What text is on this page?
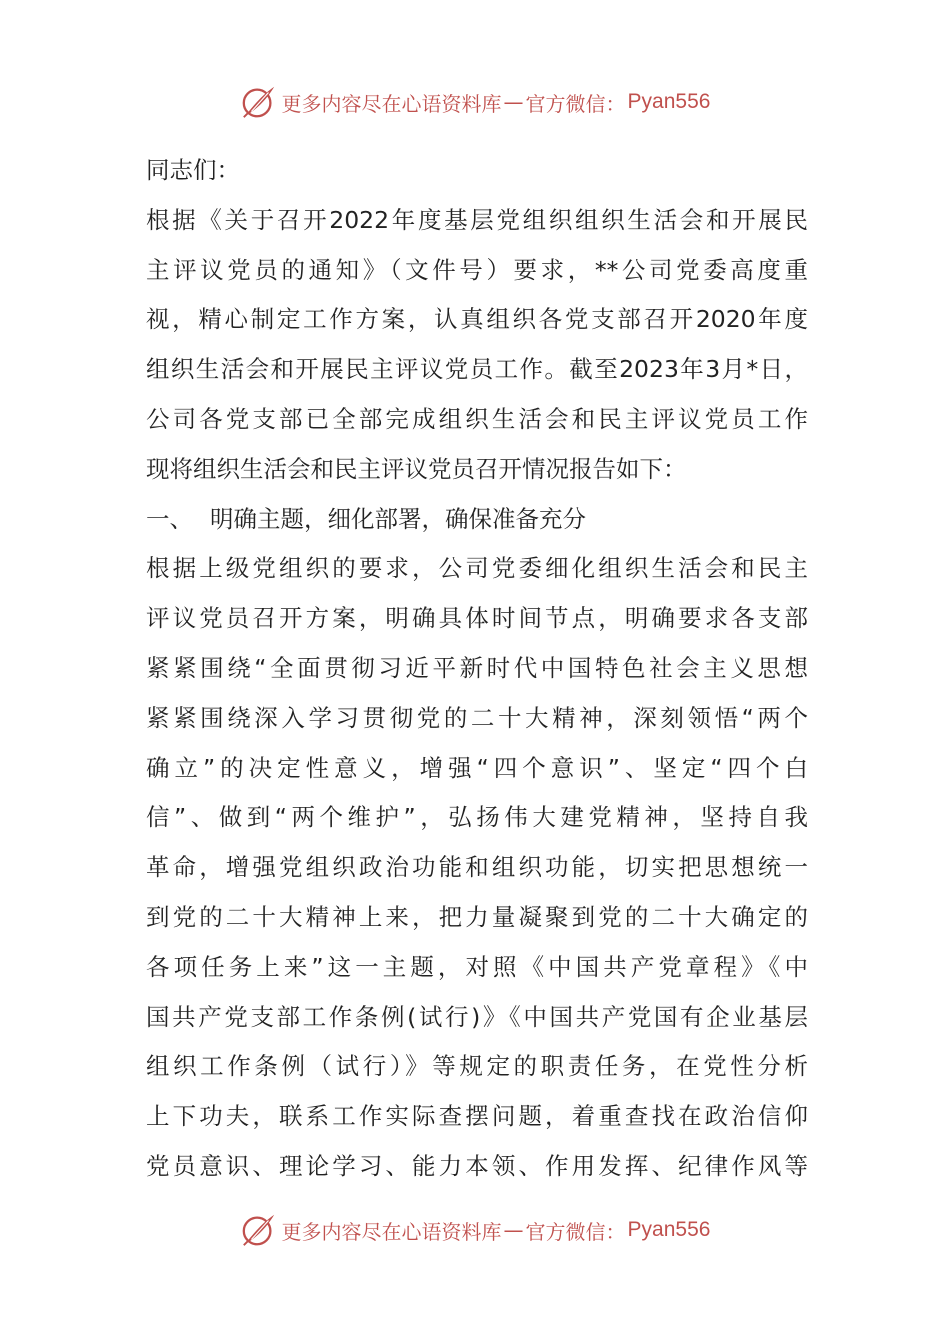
更多内容尽在心语资料库 — 官方微信： Pyan556
同志们：
根据《关于召开2022年度基层党组织组织生活会和开展民
主评议党员的通知》（文件号）要求，**公司党委高度重
视，精心制定工作方案，认真组织各党支部召开2020年度
组织生活会和开展民主评议党员工作。截至2023年3月*日，
公司各党支部已全部完成组织生活会和民主评议党员工作
现将组织生活会和民主评议党员召开情况报告如下：
一、 明确主题，细化部署，确保准备充分
根据上级党组织的要求，公司党委细化组织生活会和民主
评议党员召开方案，明确具体时间节点，明确要求各支部
紧紧围绕“全面贯彻习近平新时代中国特色社会主义思想
紧紧围绕深入学习贯彻党的二十大精神，深刻领悟“两个
确立”的决定性意义，增强“四个意识”、坚定“四个白
信”、做到“两个维护”，弘扬伟大建党精神，坚持自我
革命，增强党组织政治功能和组织功能，切实把思想统一
到党的二十大精神上来，把力量凝聚到党的二十大确定的
各项任务上来”这一主题，对照《中国共产党章程》《中
国共产党支部工作条例(试行)》《中国共产党国有企业基层
组织工作条例（试行）》等规定的职责任务，在党性分析
上下功夫，联系工作实际查摆问题，着重查找在政治信仰
党员意识、理论学习、能力本领、作用发挥、纪律作风等
更多内容尽在心语资料库 — 官方微信： Pyan556
